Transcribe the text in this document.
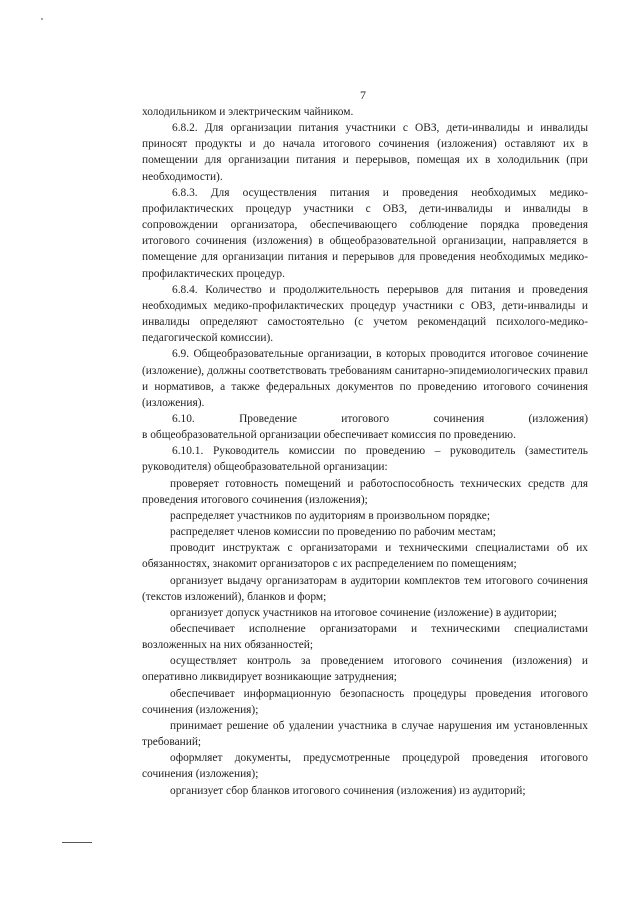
7

холодильником и электрическим чайником.

6.8.2. Для организации питания участники с ОВЗ, дети-инвалиды и инвалиды приносят продукты и до начала итогового сочинения (изложения) оставляют их в помещении для организации питания и перерывов, помещая их в холодильник (при необходимости).

6.8.3. Для осуществления питания и проведения необходимых медико-профилактических процедур участники с ОВЗ, дети-инвалиды и инвалиды в сопровождении организатора, обеспечивающего соблюдение порядка проведения итогового сочинения (изложения) в общеобразовательной организации, направляется в помещение для организации питания и перерывов для проведения необходимых медико-профилактических процедур.

6.8.4. Количество и продолжительность перерывов для питания и проведения необходимых медико-профилактических процедур участники с ОВЗ, дети-инвалиды и инвалиды определяют самостоятельно (с учетом рекомендаций психолого-медико-педагогической комиссии).

6.9. Общеобразовательные организации, в которых проводится итоговое сочинение (изложение), должны соответствовать требованиям санитарно-эпидемиологических правил и нормативов, а также федеральных документов по проведению итогового сочинения (изложения).

6.10. Проведение итогового сочинения (изложения)

в общеобразовательной организации обеспечивает комиссия по проведению.

6.10.1. Руководитель комиссии по проведению – руководитель (заместитель руководителя) общеобразовательной организации:

проверяет готовность помещений и работоспособность технических средств для проведения итогового сочинения (изложения);

распределяет участников по аудиториям в произвольном порядке;

распределяет членов комиссии по проведению по рабочим местам;

проводит инструктаж с организаторами и техническими специалистами об их обязанностях, знакомит организаторов с их распределением по помещениям;

организует выдачу организаторам в аудитории комплектов тем итогового сочинения (текстов изложений), бланков и форм;

организует допуск участников на итоговое сочинение (изложение) в аудитории;

обеспечивает исполнение организаторами и техническими специалистами возложенных на них обязанностей;

осуществляет контроль за проведением итогового сочинения (изложения) и оперативно ликвидирует возникающие затруднения;

обеспечивает информационную безопасность процедуры проведения итогового сочинения (изложения);

принимает решение об удалении участника в случае нарушения им установленных требований;

оформляет документы, предусмотренные процедурой проведения итогового сочинения (изложения);

организует сбор бланков итогового сочинения (изложения) из аудиторий;
